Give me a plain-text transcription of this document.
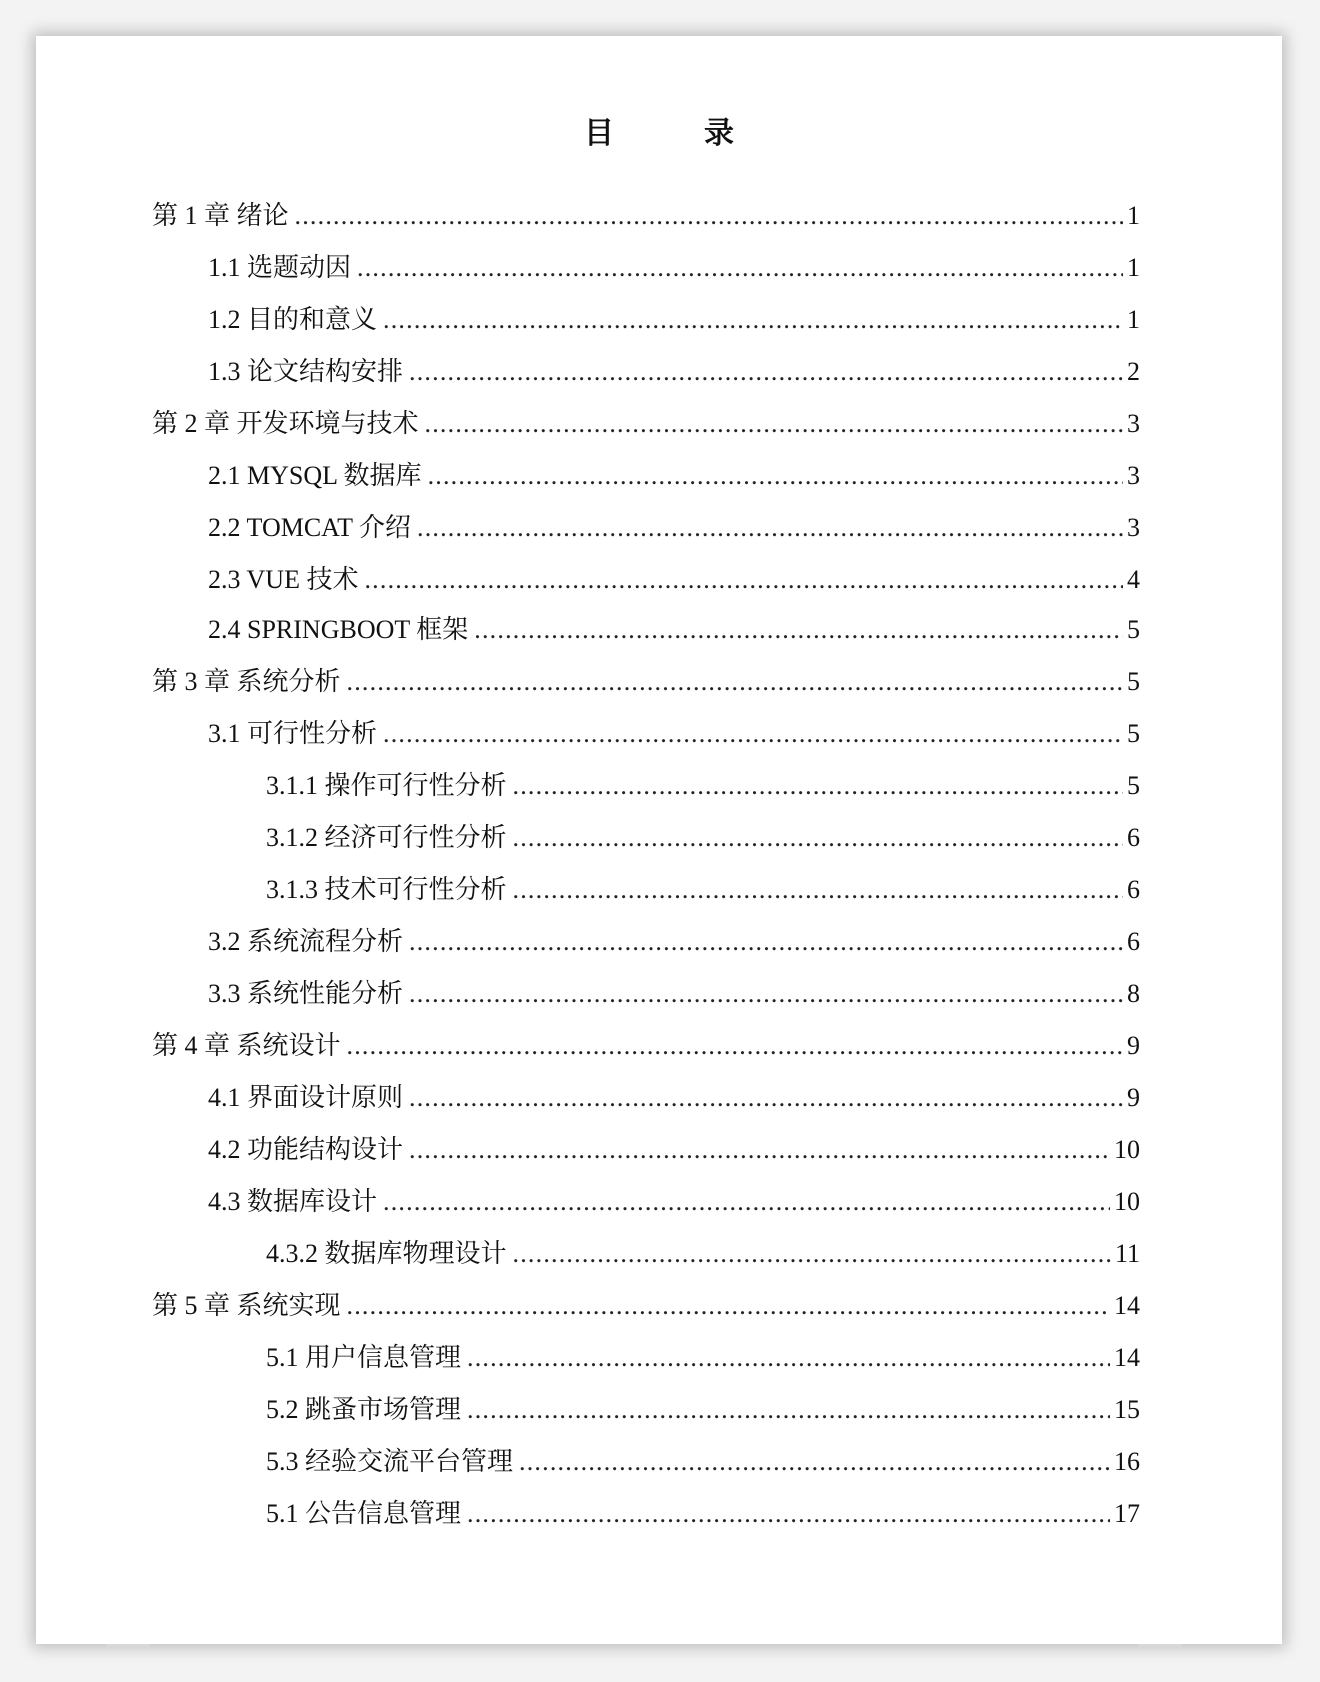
目　录
第 1 章 绪论 .....	1
1.1 选题动因 .....	1
1.2 目的和意义 .....	1
1.3 论文结构安排 .....	2
第 2 章 开发环境与技术 .....	3
2.1 MYSQL 数据库 .....	3
2.2 TOMCAT 介绍 .....	3
2.3 VUE 技术 .....	4
2.4 SPRINGBOOT 框架 .....	5
第 3 章 系统分析 .....	5
3.1 可行性分析 .....	5
3.1.1 操作可行性分析 .....	5
3.1.2 经济可行性分析 .....	6
3.1.3 技术可行性分析 .....	6
3.2 系统流程分析 .....	6
3.3 系统性能分析 .....	8
第 4 章 系统设计 .....	9
4.1 界面设计原则 .....	9
4.2 功能结构设计 .....	10
4.3 数据库设计 .....	10
4.3.2 数据库物理设计 .....	11
第 5 章 系统实现 .....	14
5.1 用户信息管理 .....	14
5.2 跳蚤市场管理 .....	15
5.3 经验交流平台管理 .....	16
5.1 公告信息管理 .....	17
